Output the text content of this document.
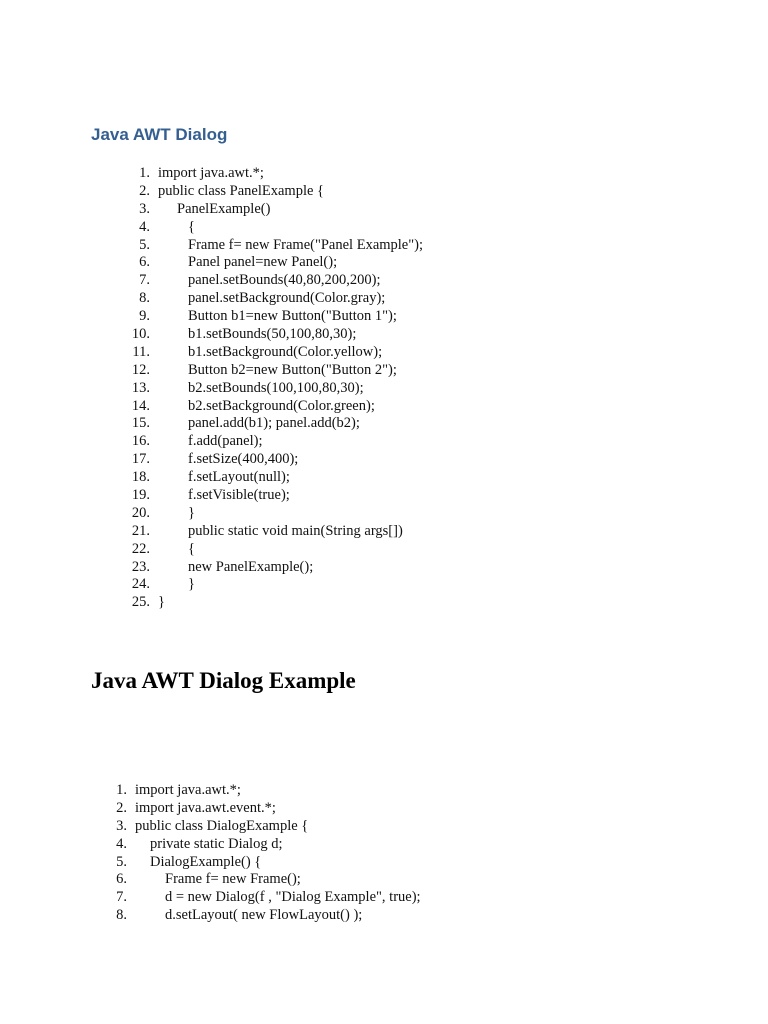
Java AWT Dialog
1. import java.awt.*;
2. public class PanelExample {
3.	PanelExample()
4.	{
5.	Frame f= new Frame("Panel Example");
6.	Panel panel=new Panel();
7.	panel.setBounds(40,80,200,200);
8.	panel.setBackground(Color.gray);
9.	Button b1=new Button("Button 1");
10.	b1.setBounds(50,100,80,30);
11.	b1.setBackground(Color.yellow);
12.	Button b2=new Button("Button 2");
13.	b2.setBounds(100,100,80,30);
14.	b2.setBackground(Color.green);
15.	panel.add(b1); panel.add(b2);
16.	f.add(panel);
17.	f.setSize(400,400);
18.	f.setLayout(null);
19.	f.setVisible(true);
20.	}
21.	public static void main(String args[])
22.	{
23.	new PanelExample();
24.	}
25. }
Java AWT Dialog Example
1. import java.awt.*;
2. import java.awt.event.*;
3. public class DialogExample {
4.	private static Dialog d;
5.	DialogExample() {
6.	Frame f= new Frame();
7.	d = new Dialog(f , "Dialog Example", true);
8.	d.setLayout( new FlowLayout() );
